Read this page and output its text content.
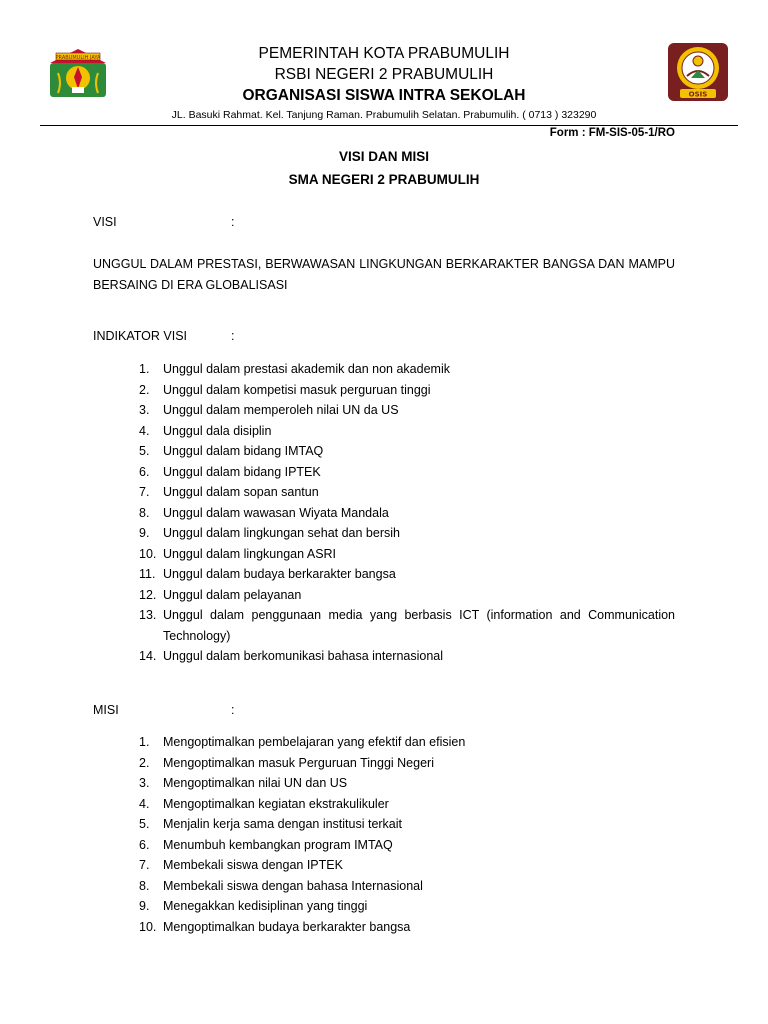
PRABUMULIH JAYA	PEMERINTAH KOTA PRABUMULIH
RSBI NEGERI 2 PRABUMULIH
ORGANISASI SISWA INTRA SEKOLAH	OSIS
JL. Basuki Rahmat. Kel. Tanjung Raman. Prabumulih Selatan. Prabumulih. ( 0713 ) 323290
Form : FM-SIS-05-1/RO
VISI DAN MISI
SMA NEGERI 2 PRABUMULIH
VISI	:
UNGGUL DALAM PRESTASI, BERWAWASAN LINGKUNGAN BERKARAKTER BANGSA DAN MAMPU BERSAING DI ERA GLOBALISASI
INDIKATOR VISI	:
1.	Unggul dalam prestasi akademik dan non akademik
2.	Unggul dalam kompetisi masuk perguruan tinggi
3.	Unggul dalam memperoleh nilai UN da US
4.	Unggul dala disiplin
5.	Unggul dalam bidang IMTAQ
6.	Unggul dalam bidang IPTEK
7.	Unggul dalam sopan santun
8.	Unggul dalam wawasan Wiyata Mandala
9.	Unggul dalam lingkungan sehat dan bersih
10. Unggul dalam lingkungan ASRI
11. Unggul dalam budaya berkarakter bangsa
12. Unggul dalam pelayanan
13. Unggul dalam penggunaan media yang berbasis ICT (information and Communication Technology)
14. Unggul dalam berkomunikasi bahasa internasional
MISI	:
1.	Mengoptimalkan pembelajaran yang efektif dan efisien
2.	Mengoptimalkan masuk Perguruan Tinggi Negeri
3.	Mengoptimalkan nilai UN dan US
4.	Mengoptimalkan kegiatan ekstrakulikuler
5.	Menjalin kerja sama dengan institusi terkait
6.	Menumbuh kembangkan program IMTAQ
7.	Membekali siswa dengan IPTEK
8.	Membekali siswa dengan bahasa Internasional
9.	Menegakkan kedisiplinan yang tinggi
10. Mengoptimalkan budaya berkarakter bangsa
